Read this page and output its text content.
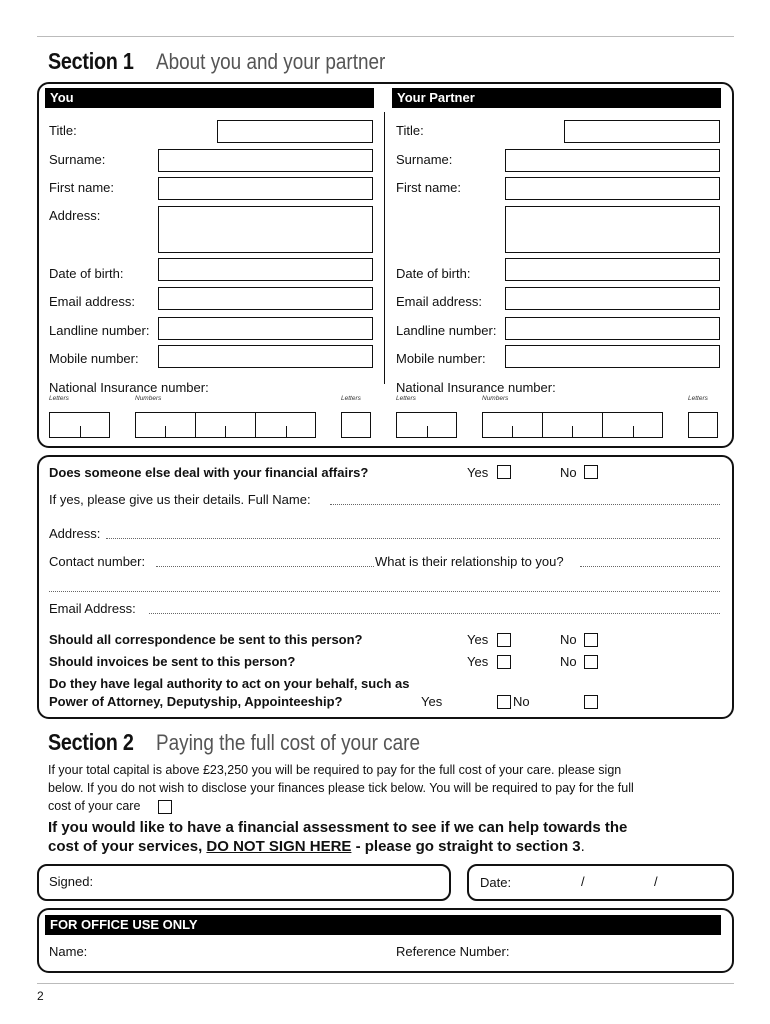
Section 1 About you and your partner
You	Your Partner
Title:
Surname:
First name:
Address:
Date of birth:
Email address:
Landline number:
Mobile number:
National Insurance number:
Letters	Numbers	Letters
Title:
Surname:
First name:
Date of birth:
Email address:
Landline number:
Mobile number:
National Insurance number:
Letters	Numbers	Letters
Does someone else deal with your financial affairs?	Yes	No
If yes, please give us their details. Full Name:
Address:
Contact number:	What is their relationship to you?
Email Address:
Should all correspondence be sent to this person?	Yes	No
Should invoices be sent to this person?	Yes	No
Do they have legal authority to act on your behalf, such as
Power of Attorney, Deputyship, Appointeeship?	Yes	No
Section 2 Paying the full cost of your care
If your total capital is above £23,250 you will be required to pay for the full cost of your care. please sign
below. If you do not wish to disclose your finances please tick below. You will be required to pay for the full
cost of your care
If you would like to have a financial assessment to see if we can help towards the
cost of your services, DO NOT SIGN HERE - please go straight to section 3.
Signed:	Date:	/	/
FOR OFFICE USE ONLY
Name:	Reference Number:
2
